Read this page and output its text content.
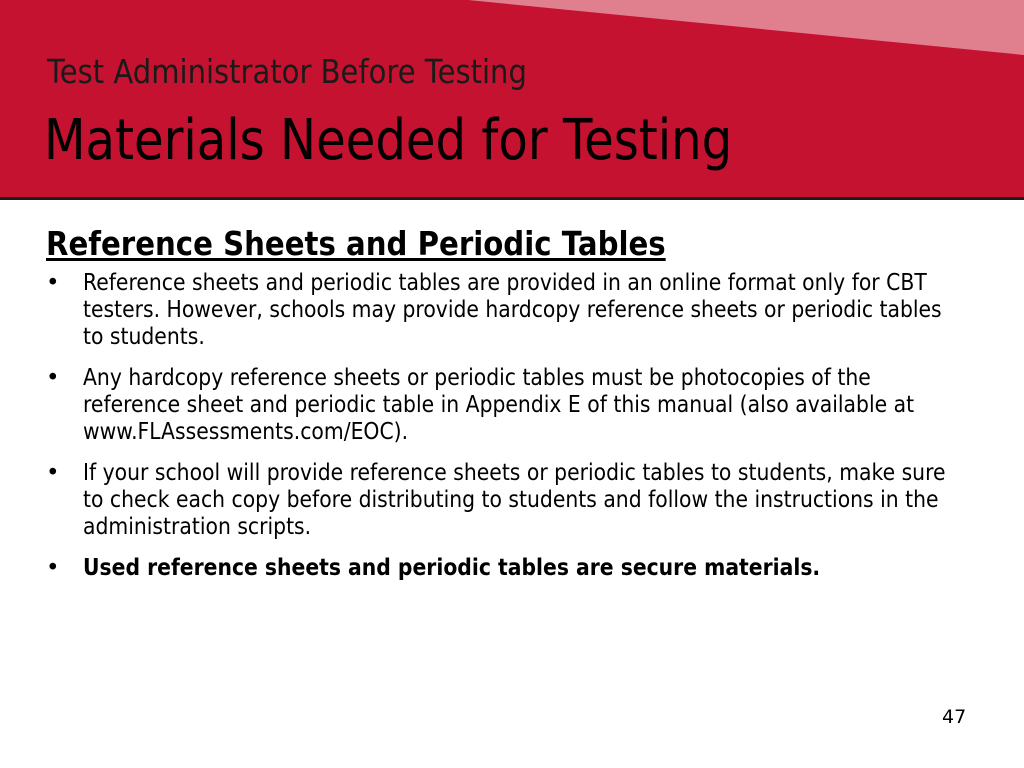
Test Administrator Before Testing
Materials Needed for Testing
Reference Sheets and Periodic Tables
• Reference sheets and periodic tables are provided in an online format only for CBT testers. However, schools may provide hardcopy reference sheets or periodic tables to students.
• Any hardcopy reference sheets or periodic tables must be photocopies of the reference sheet and periodic table in Appendix E of this manual (also available at www.FLAssessments.com/EOC).
• If your school will provide reference sheets or periodic tables to students, make sure to check each copy before distributing to students and follow the instructions in the administration scripts.
• Used reference sheets and periodic tables are secure materials.
47
